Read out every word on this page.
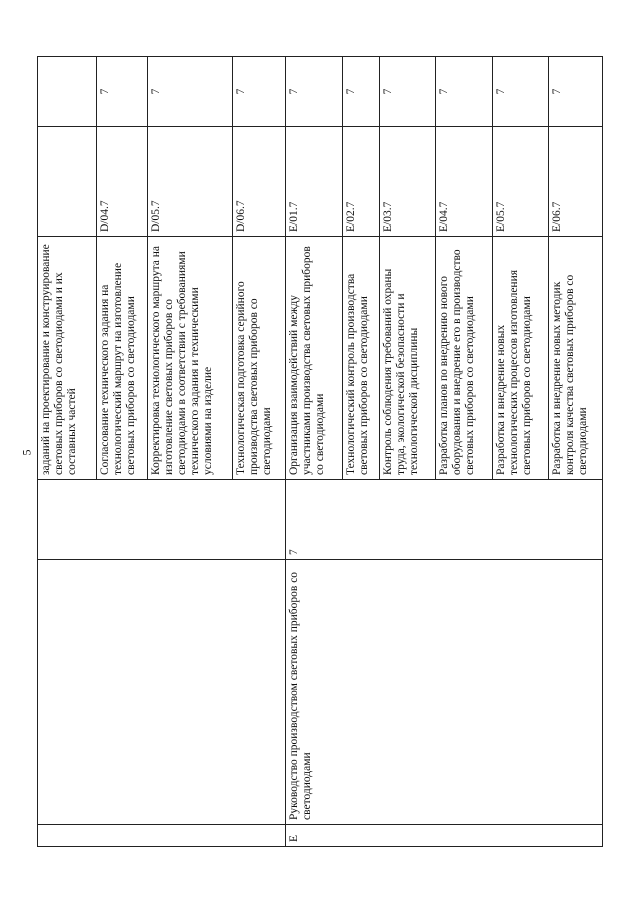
5
			заданий на проектирование и конструирование световых приборов со светодиодами и их составных частей		
			Согласование технического задания на технологический маршрут на изготовление световых приборов со светодиодами	D/04.7	7
			Корректировка технологического маршрута на изготовление световых приборов со светодиодами в соответствии с требованиями технического задания и техническими условиями на изделие	D/05.7	7
			Технологическая подготовка серийного производства световых приборов со светодиодами	D/06.7	7
E	Руководство производством световых приборов со светодиодами	7	Организация взаимодействий между участниками производства световых приборов со светодиодами	E/01.7	7
			Технологический контроль производства световых приборов со светодиодами	E/02.7	7
			Контроль соблюдения требований охраны труда, экологической безопасности и технологической дисциплины	E/03.7	7
			Разработка планов по внедрению нового оборудования и внедрение его в производство световых приборов со светодиодами	E/04.7	7
			Разработка и внедрение новых технологических процессов изготовления световых приборов со светодиодами	E/05.7	7
			Разработка и внедрение новых методик контроля качества световых приборов со светодиодами	E/06.7	7
